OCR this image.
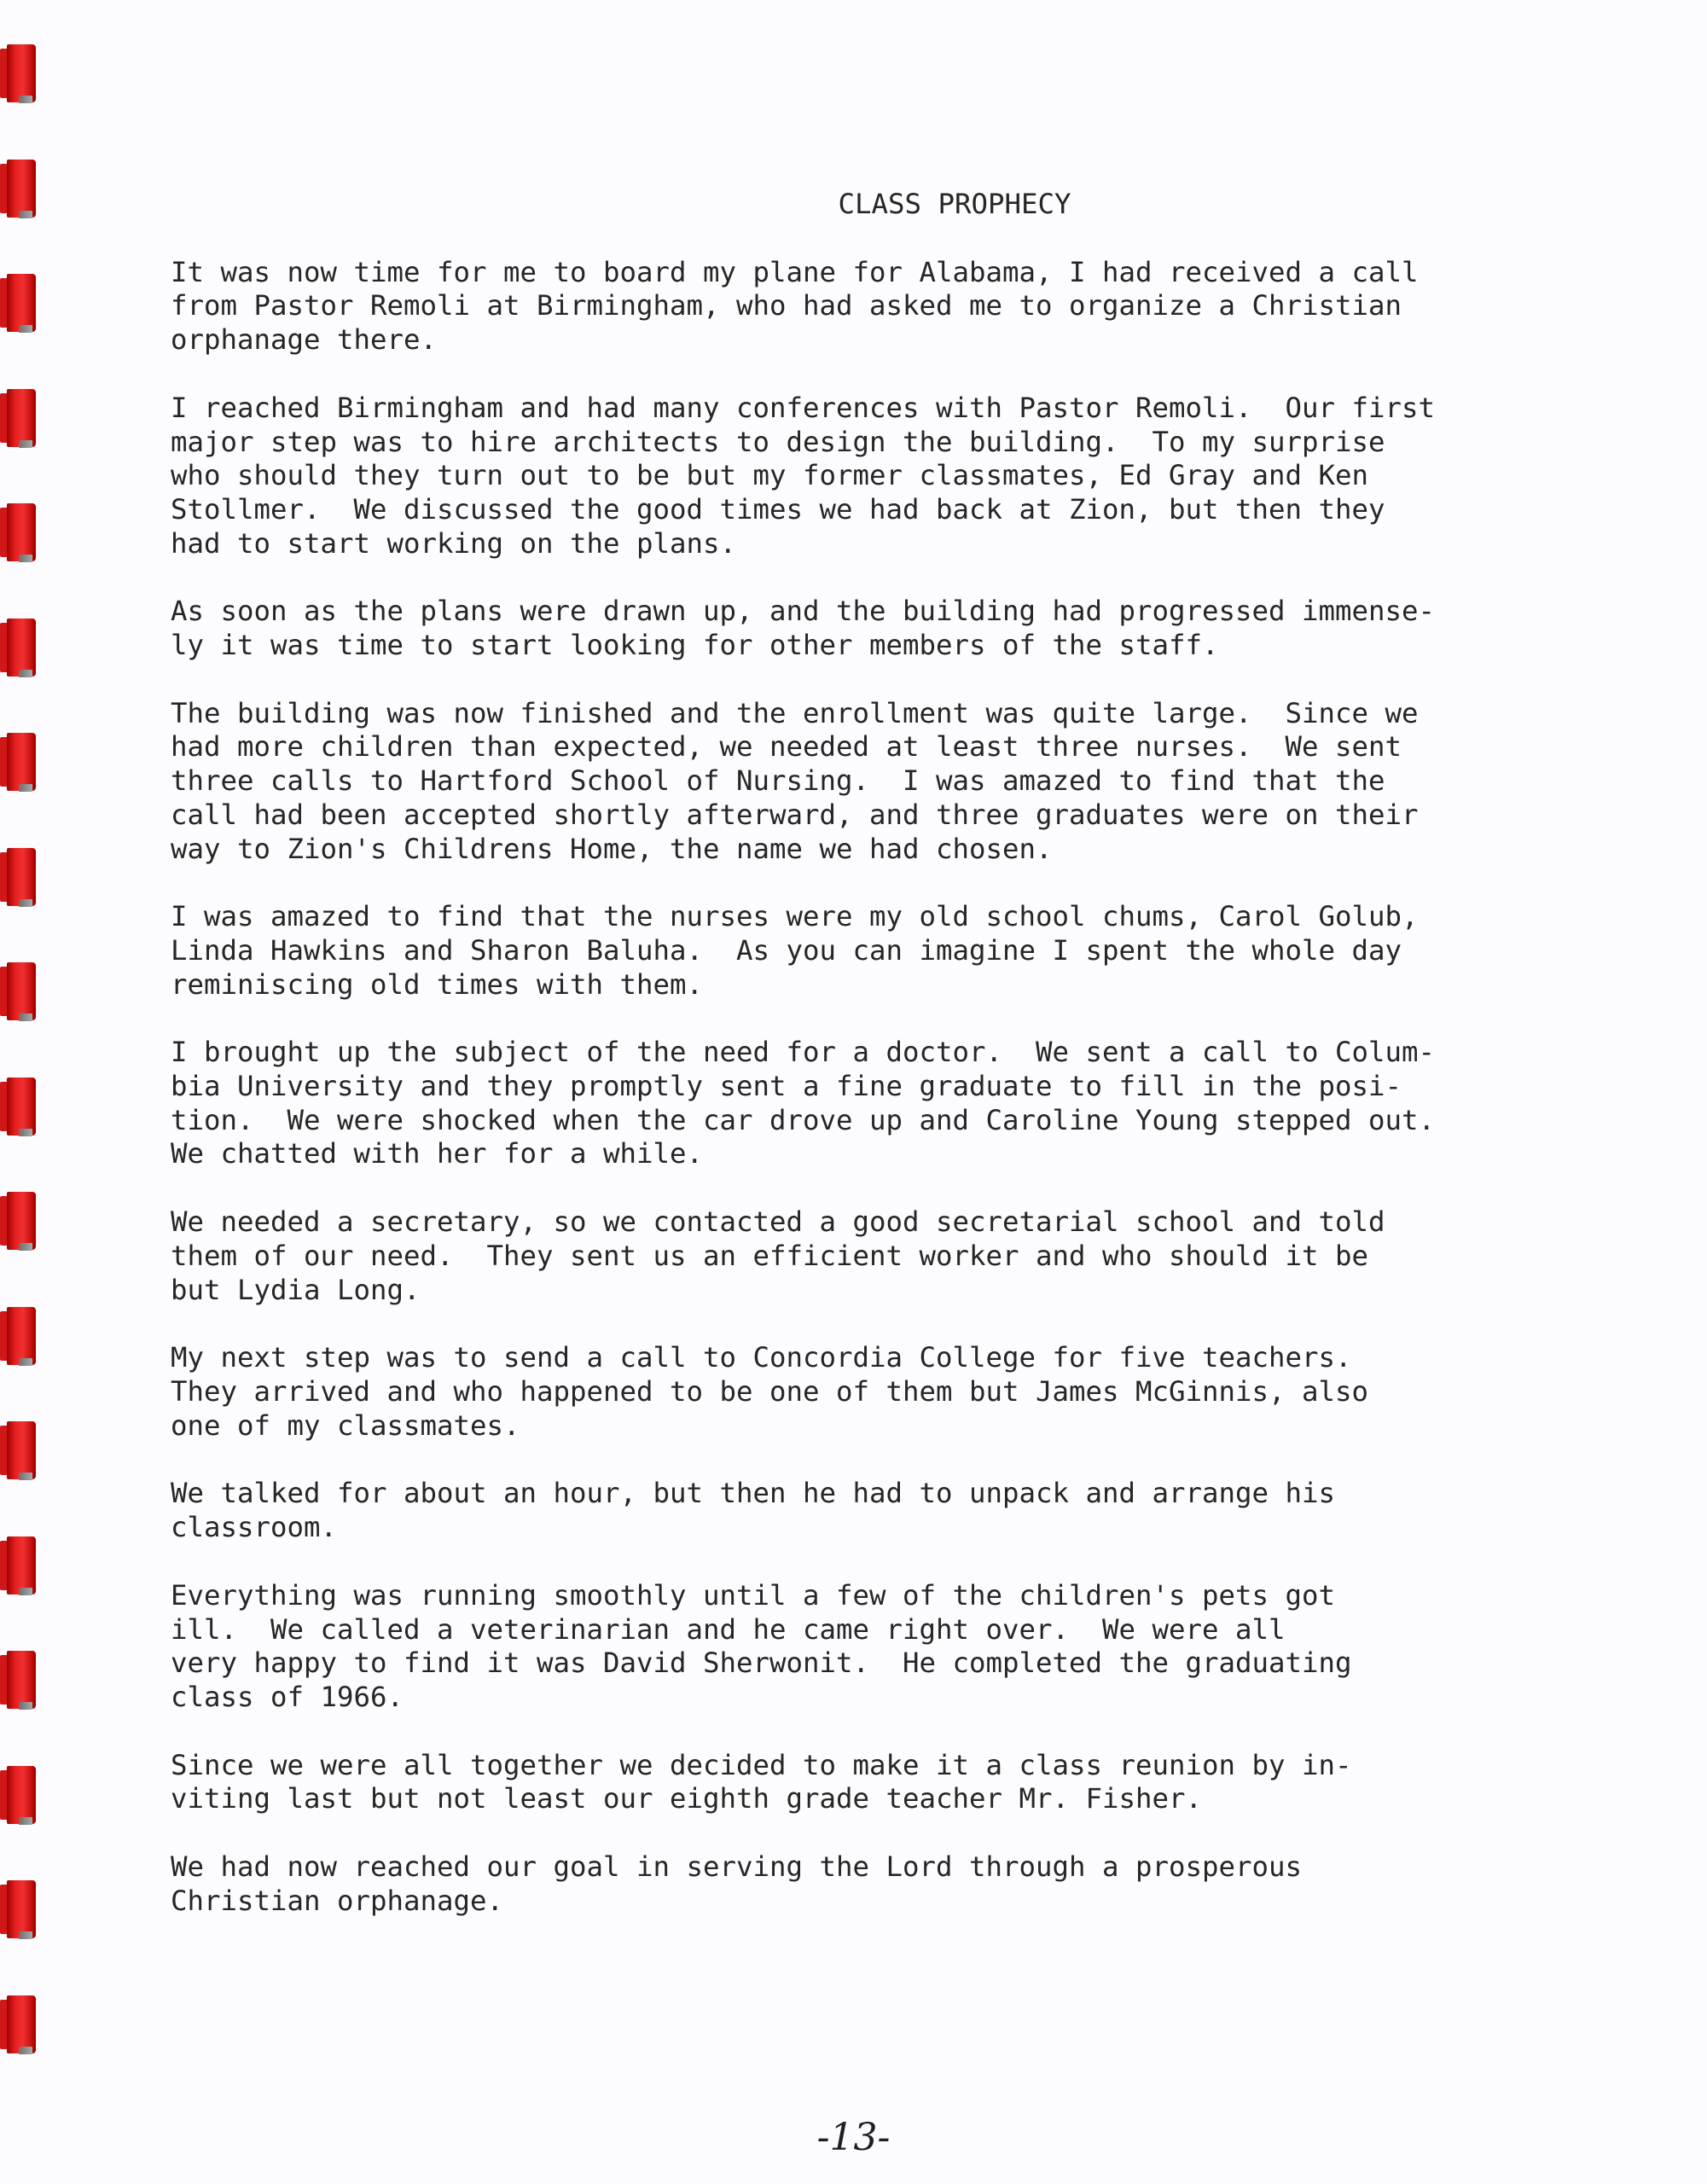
CLASS PROPHECY
It was now time for me to board my plane for Alabama, I had received a call
from Pastor Remoli at Birmingham, who had asked me to organize a Christian
orphanage there.
I reached Birmingham and had many conferences with Pastor Remoli.  Our first
major step was to hire architects to design the building.  To my surprise
who should they turn out to be but my former classmates, Ed Gray and Ken
Stollmer.  We discussed the good times we had back at Zion, but then they
had to start working on the plans.
As soon as the plans were drawn up, and the building had progressed immense-
ly it was time to start looking for other members of the staff.
The building was now finished and the enrollment was quite large.  Since we
had more children than expected, we needed at least three nurses.  We sent
three calls to Hartford School of Nursing.  I was amazed to find that the
call had been accepted shortly afterward, and three graduates were on their
way to Zion's Childrens Home, the name we had chosen.
I was amazed to find that the nurses were my old school chums, Carol Golub,
Linda Hawkins and Sharon Baluha.  As you can imagine I spent the whole day
reminiscing old times with them.
I brought up the subject of the need for a doctor.  We sent a call to Colum-
bia University and they promptly sent a fine graduate to fill in the posi-
tion.  We were shocked when the car drove up and Caroline Young stepped out.
We chatted with her for a while.
We needed a secretary, so we contacted a good secretarial school and told
them of our need.  They sent us an efficient worker and who should it be
but Lydia Long.
My next step was to send a call to Concordia College for five teachers.
They arrived and who happened to be one of them but James McGinnis, also
one of my classmates.
We talked for about an hour, but then he had to unpack and arrange his
classroom.
Everything was running smoothly until a few of the children's pets got
ill.  We called a veterinarian and he came right over.  We were all
very happy to find it was David Sherwonit.  He completed the graduating
class of 1966.
Since we were all together we decided to make it a class reunion by in-
viting last but not least our eighth grade teacher Mr. Fisher.
We had now reached our goal in serving the Lord through a prosperous
Christian orphanage.
-13-
